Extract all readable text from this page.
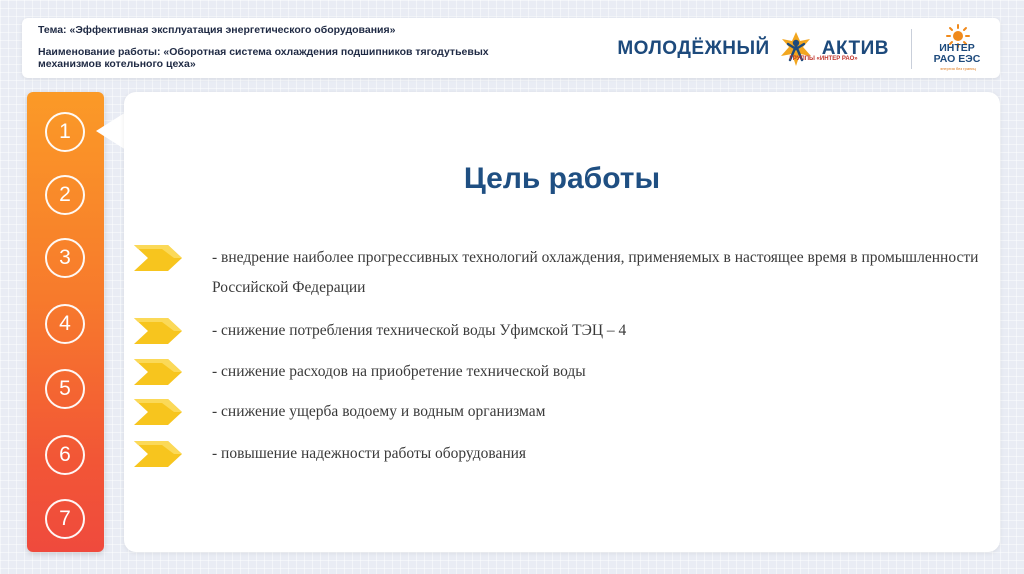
Тема: «Эффективная эксплуатация энергетического оборудования»
Наименование работы: «Оборотная система охлаждения подшипников тягодутьевых
механизмов котельного цеха»
МОЛОДЁЖНЫЙ	АКТИВ
ГРУППЫ «ИНТЕР РАО»
ИНТЕР
РАО ЕЭС
энергия без границ
1
2
3
4
5
6
7
Цель работы
- внедрение наиболее прогрессивных технологий охлаждения, применяемых в настоящее время в промышленности Российской Федерации
- снижение потребления технической воды Уфимской ТЭЦ – 4
- снижение расходов на приобретение технической воды
- снижение ущерба водоему и водным организмам
- повышение надежности работы оборудования
